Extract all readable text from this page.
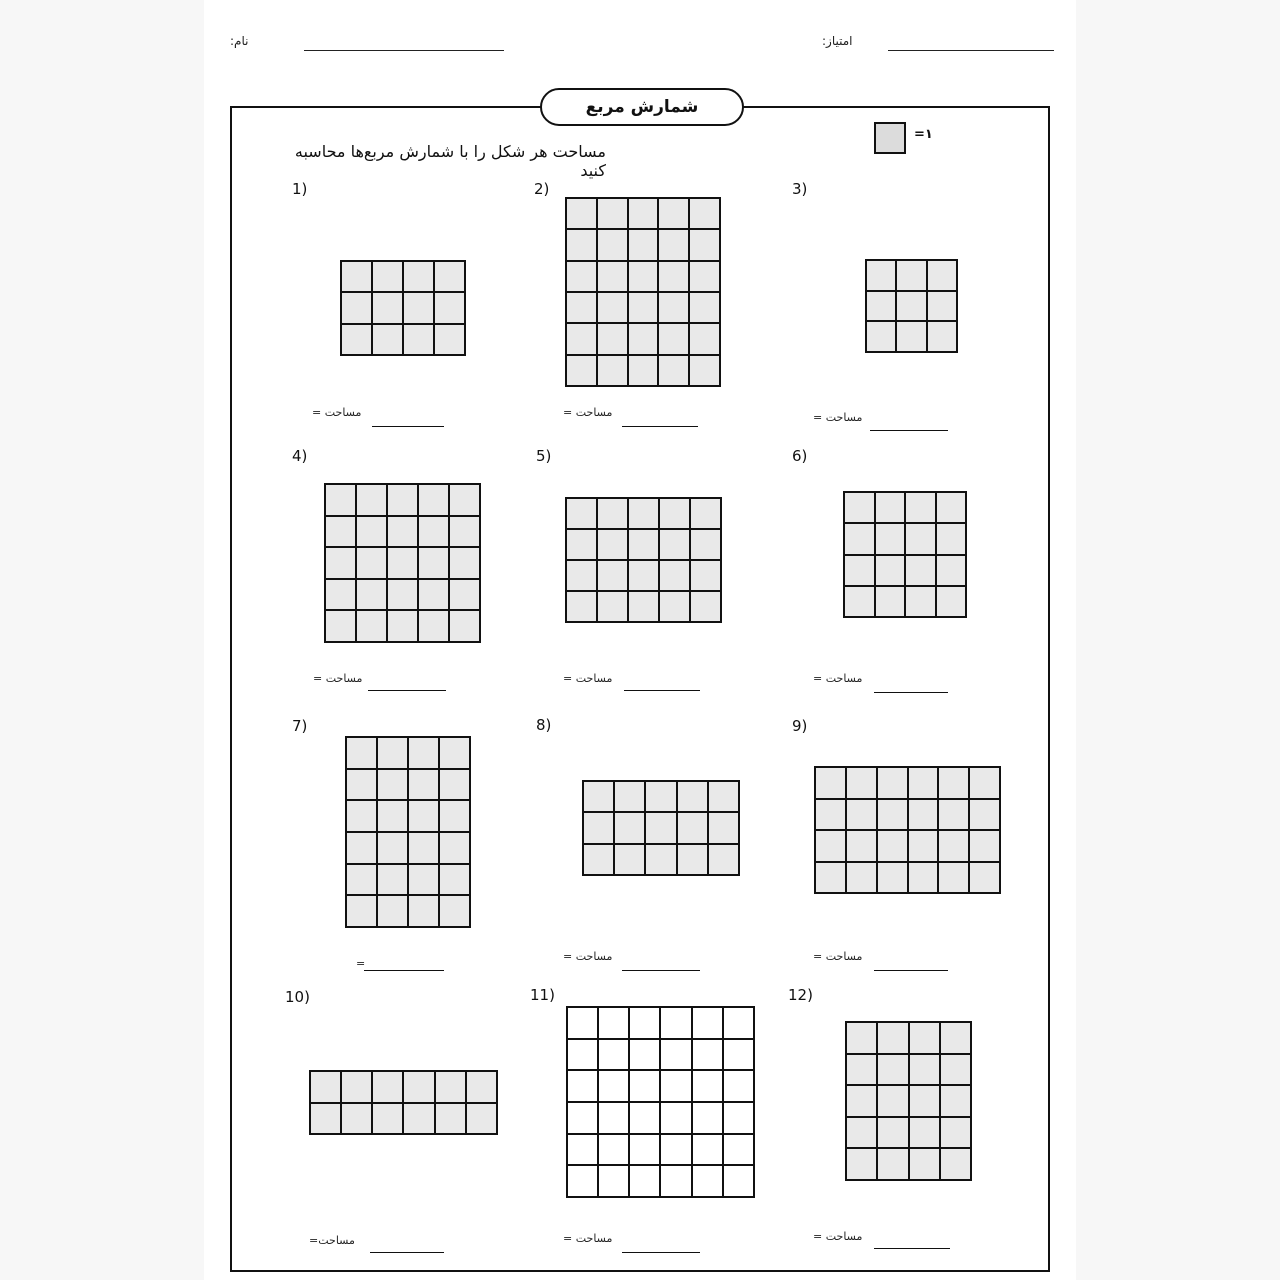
نام:	امتیاز:
شمارش مربع
مساحت هر شکل را با شمارش مربع‌ها محاسبه کنید
=۱
1)
مساحت =
2)
مساحت =
3)
مساحت =
4)
مساحت =
5)
مساحت =
6)
مساحت =
7)
=
8)
مساحت =
9)
مساحت =
10)
مساحت=
11)
مساحت =
12)
مساحت =
